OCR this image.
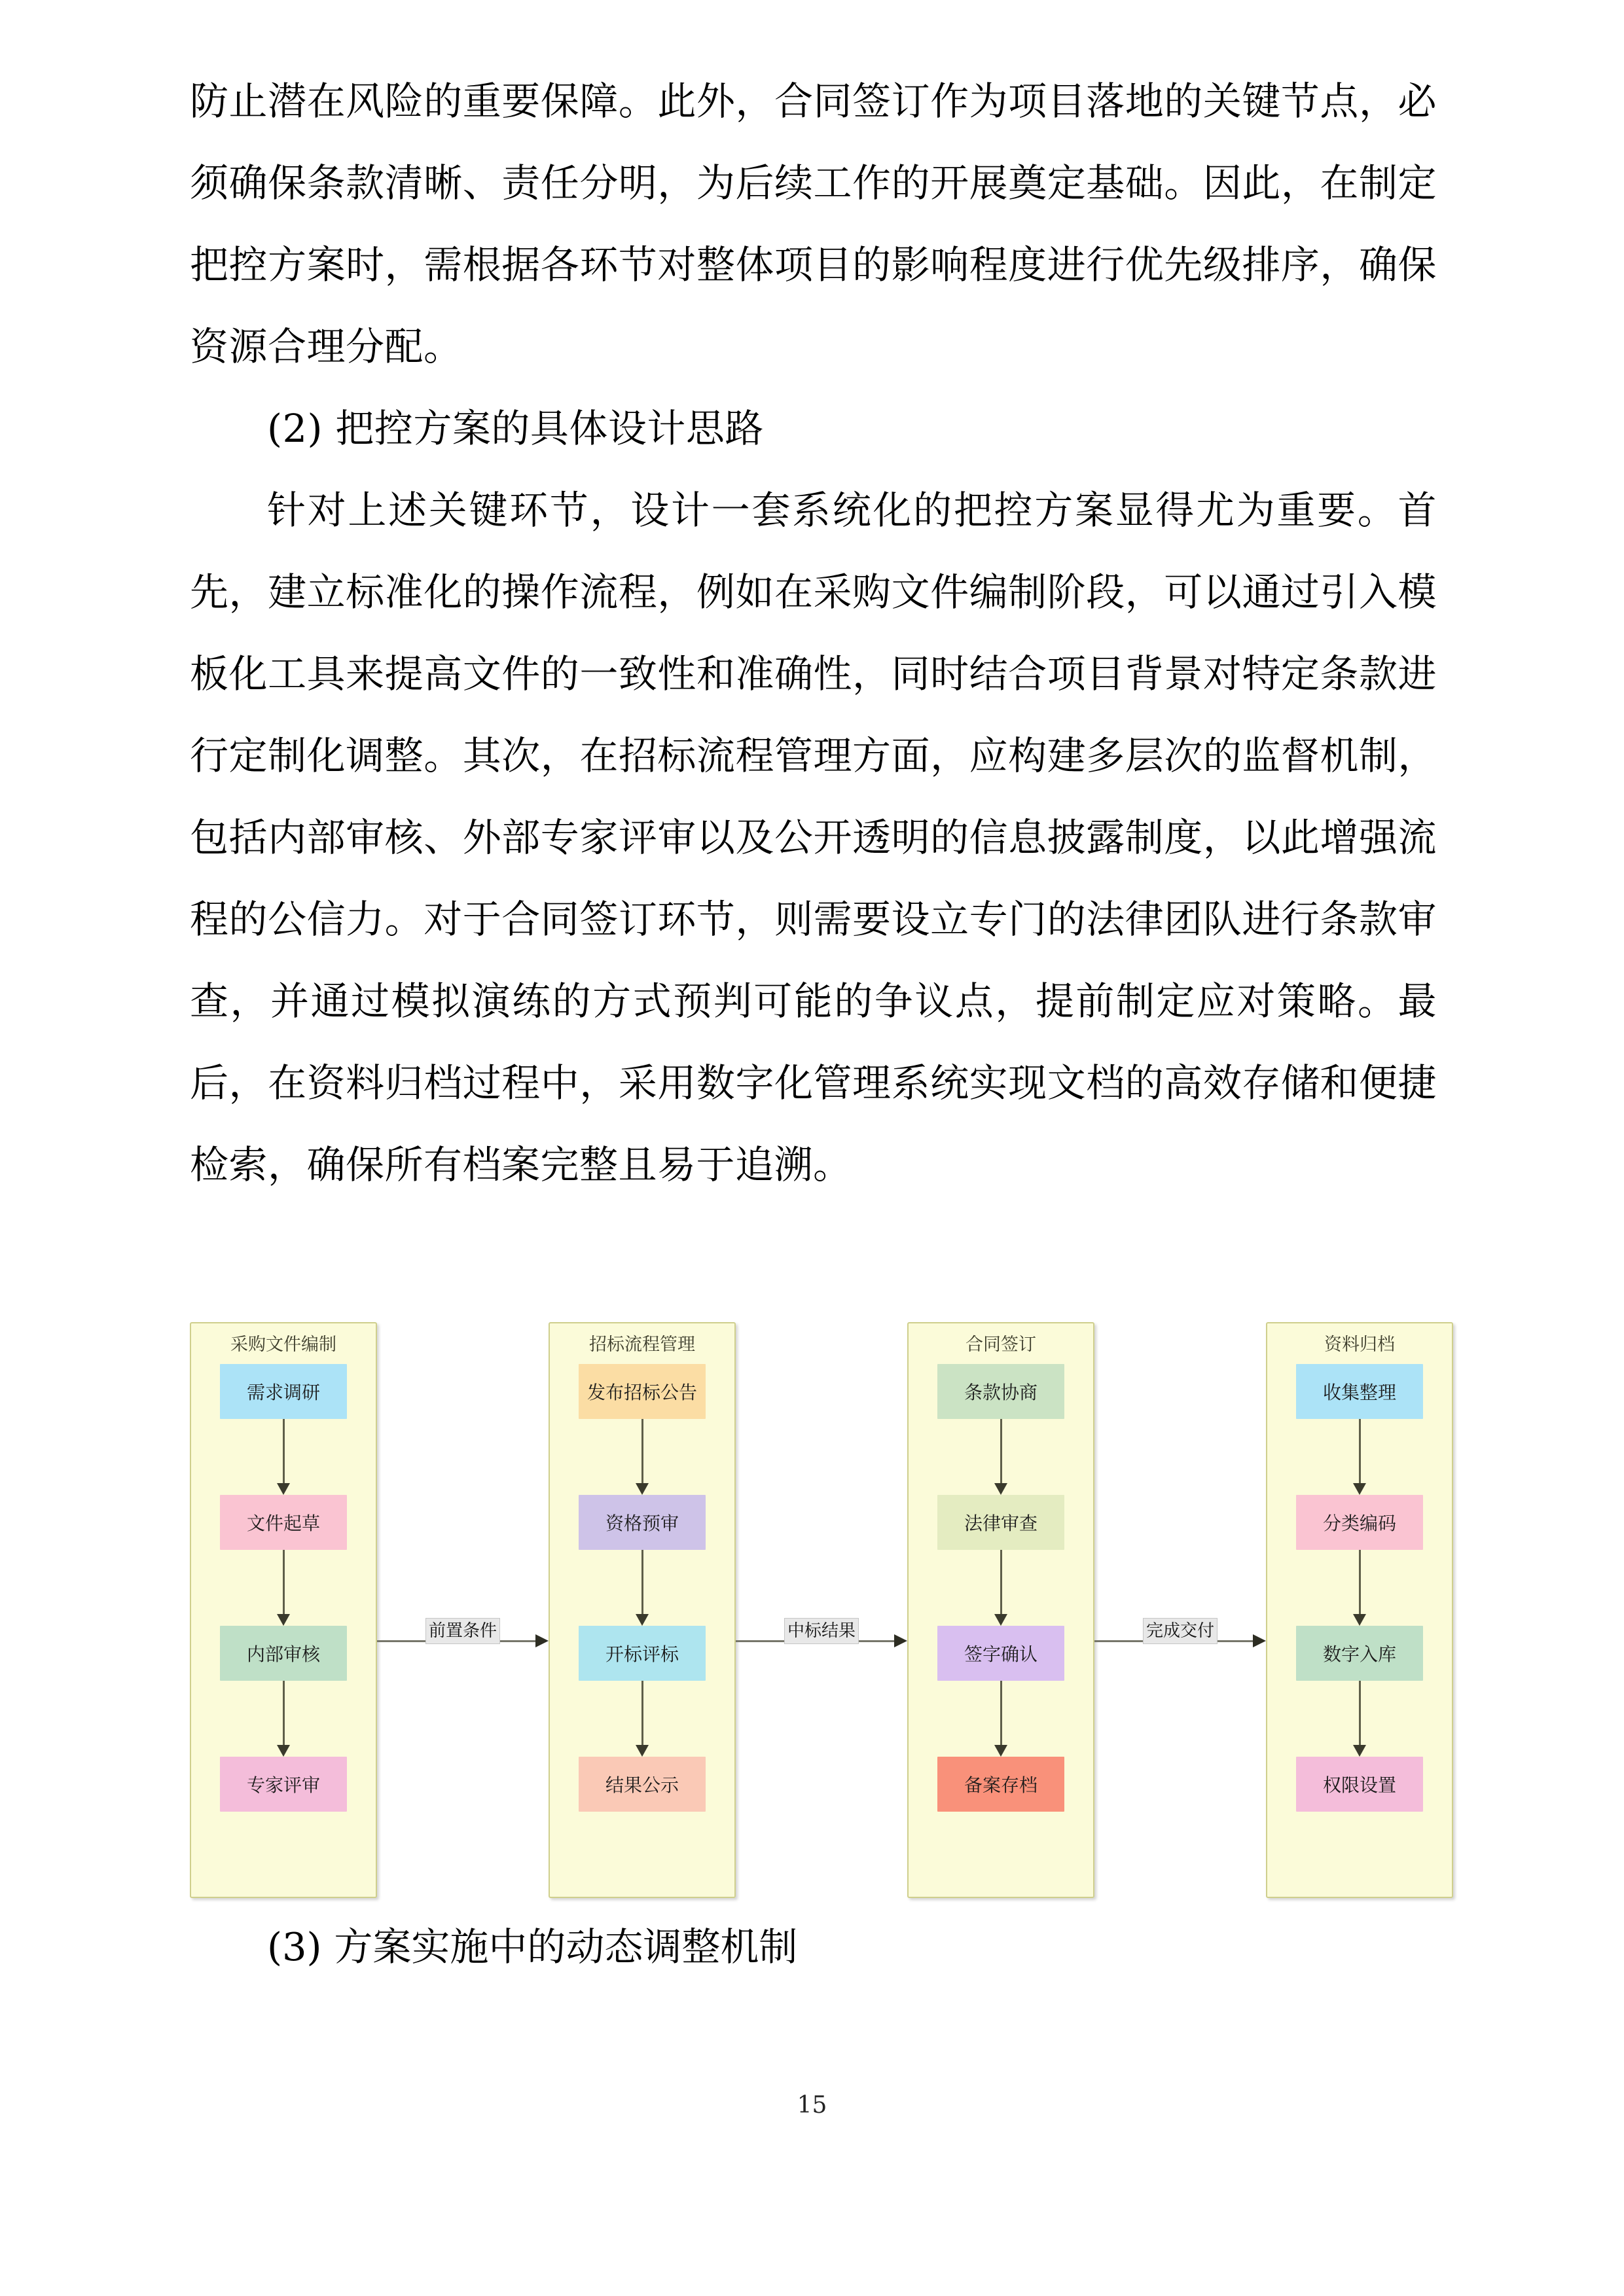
防止潜在风险的重要保障。此外，合同签订作为项目落地的关键节点，必须确保条款清晰、责任分明，为后续工作的开展奠定基础。因此，在制定把控方案时，需根据各环节对整体项目的影响程度进行优先级排序，确保资源合理分配。

(2) 把控方案的具体设计思路

针对上述关键环节，设计一套系统化的把控方案显得尤为重要。首先，建立标准化的操作流程，例如在采购文件编制阶段，可以通过引入模板化工具来提高文件的一致性和准确性，同时结合项目背景对特定条款进行定制化调整。其次，在招标流程管理方面，应构建多层次的监督机制，包括内部审核、外部专家评审以及公开透明的信息披露制度，以此增强流程的公信力。对于合同签订环节，则需要设立专门的法律团队进行条款审查，并通过模拟演练的方式预判可能的争议点，提前制定应对策略。最后，在资料归档过程中，采用数字化管理系统实现文档的高效存储和便捷检索，确保所有档案完整且易于追溯。

采购文件编制
需求调研
文件起草
内部审核
专家评审
前置条件
招标流程管理
发布招标公告
资格预审
开标评标
结果公示
中标结果
合同签订
条款协商
法律审查
签字确认
备案存档
完成交付
资料归档
收集整理
分类编码
数字入库
权限设置
(3) 方案实施中的动态调整机制
15
